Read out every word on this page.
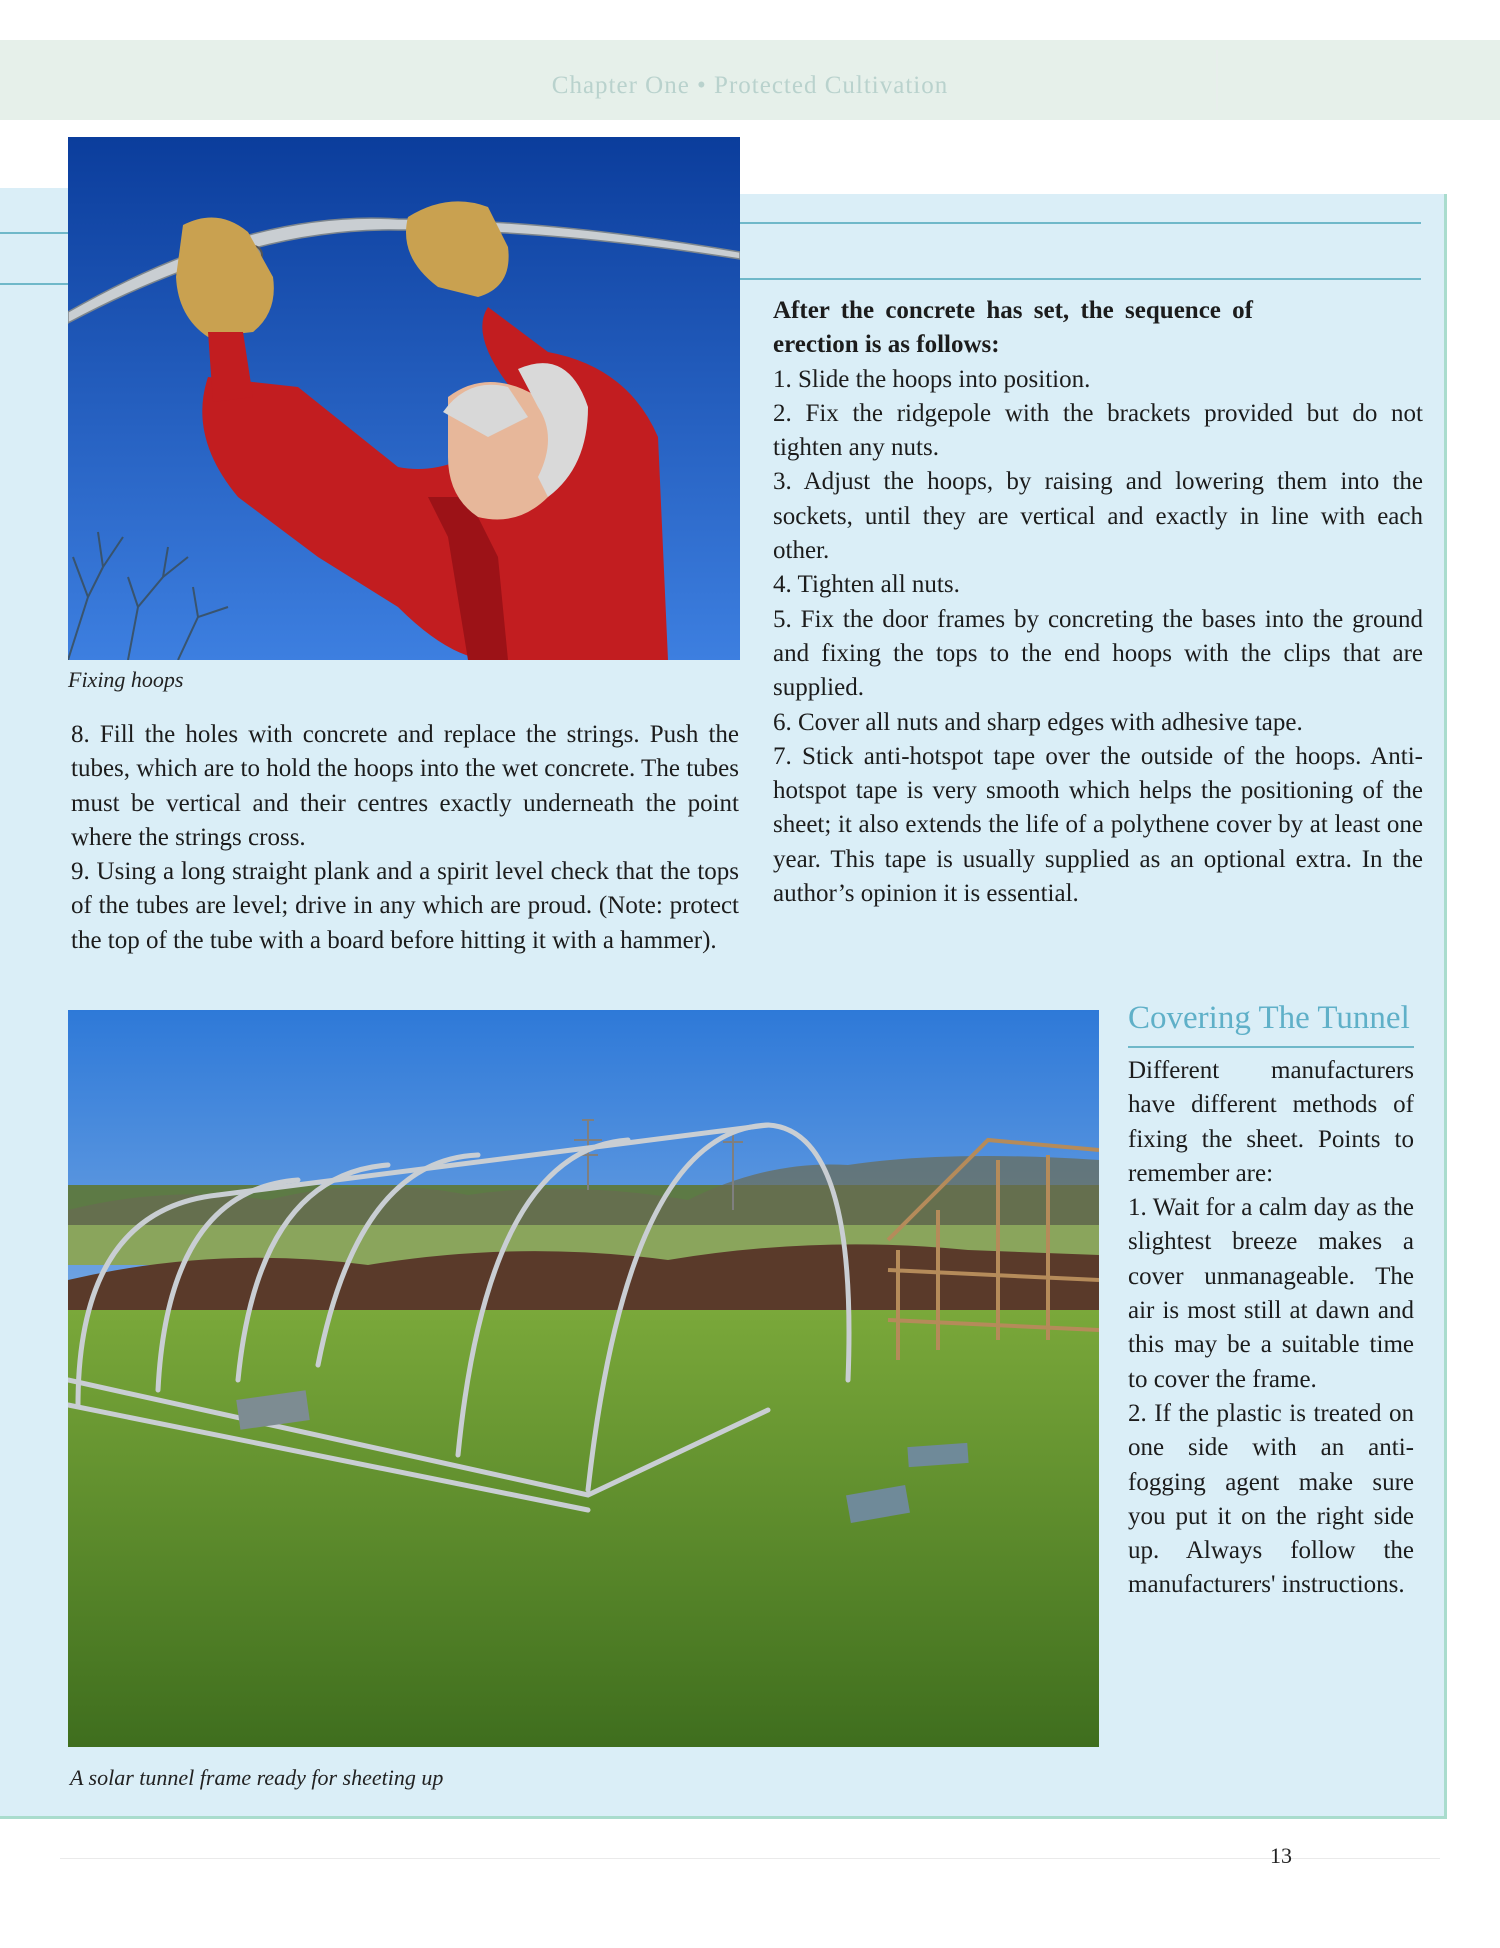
Chapter One • Protected Cultivation
Fixing hoops

8. Fill the holes with concrete and replace the strings. Push the tubes, which are to hold the hoops into the wet concrete. The tubes must be vertical and their centres exactly underneath the point where the strings cross.

9. Using a long straight plank and a spirit level check that the tops of the tubes are level; drive in any which are proud. (Note: protect the top of the tube with a board before hitting it with a hammer).

After the concrete has set, the sequence of erection is as follows:

1. Slide the hoops into position.

2. Fix the ridgepole with the brackets provided but do not tighten any nuts.

3. Adjust the hoops, by raising and lowering them into the sockets, until they are vertical and exactly in line with each other.

4. Tighten all nuts.

5. Fix the door frames by concreting the bases into the ground and fixing the tops to the end hoops with the clips that are supplied.

6. Cover all nuts and sharp edges with adhesive tape.

7. Stick anti-hotspot tape over the outside of the hoops. Anti-hotspot tape is very smooth which helps the positioning of the sheet; it also extends the life of a polythene cover by at least one year. This tape is usually supplied as an optional extra. In the author’s opinion it is essential.

A solar tunnel frame ready for sheeting up
Covering The Tunnel

Different manufacturers have different methods of fixing the sheet. Points to remember are:

1. Wait for a calm day as the slightest breeze makes a cover unmanageable. The air is most still at dawn and this may be a suitable time to cover the frame.

2. If the plastic is treated on one side with an anti-fogging agent make sure you put it on the right side up. Always follow the manufacturers' instructions.

13
